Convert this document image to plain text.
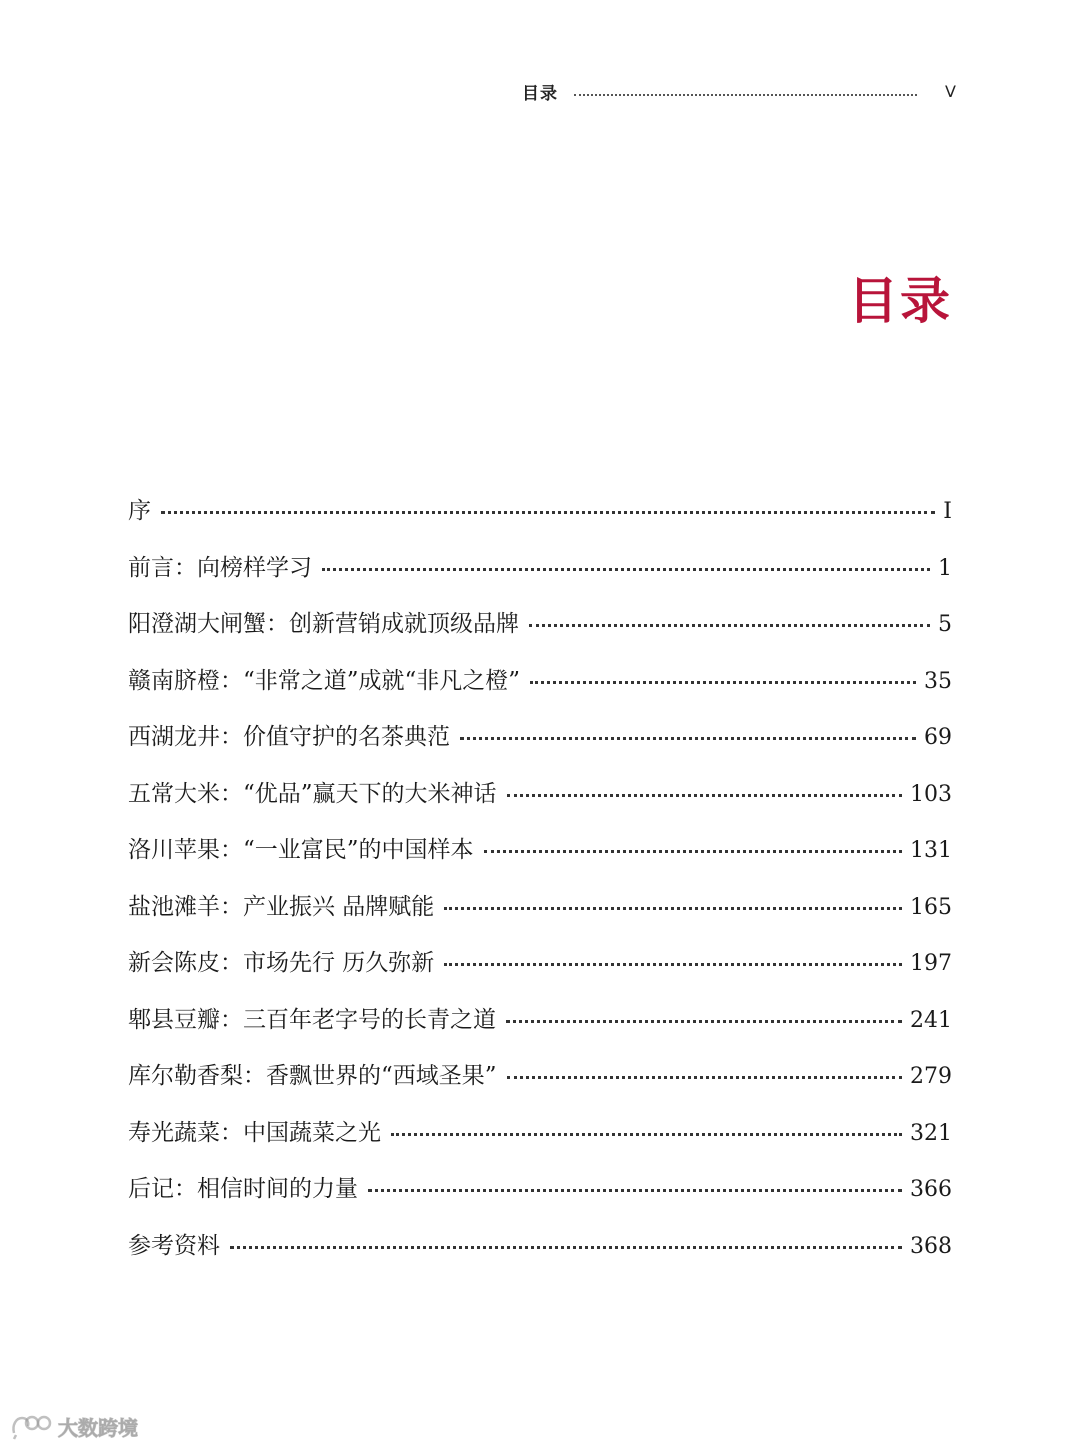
目录	V
目录
序	I
前言：向榜样学习	1
阳澄湖大闸蟹：创新营销成就顶级品牌	5
赣南脐橙：“非常之道”成就“非凡之橙”	35
西湖龙井：价值守护的名茶典范	69
五常大米：“优品”赢天下的大米神话	103
洛川苹果：“一业富民”的中国样本	131
盐池滩羊：产业振兴 品牌赋能	165
新会陈皮：市场先行 历久弥新	197
郫县豆瓣：三百年老字号的长青之道	241
库尔勒香梨：香飘世界的“西域圣果”	279
寿光蔬菜：中国蔬菜之光	321
后记：相信时间的力量	366
参考资料	368
大数跨境
